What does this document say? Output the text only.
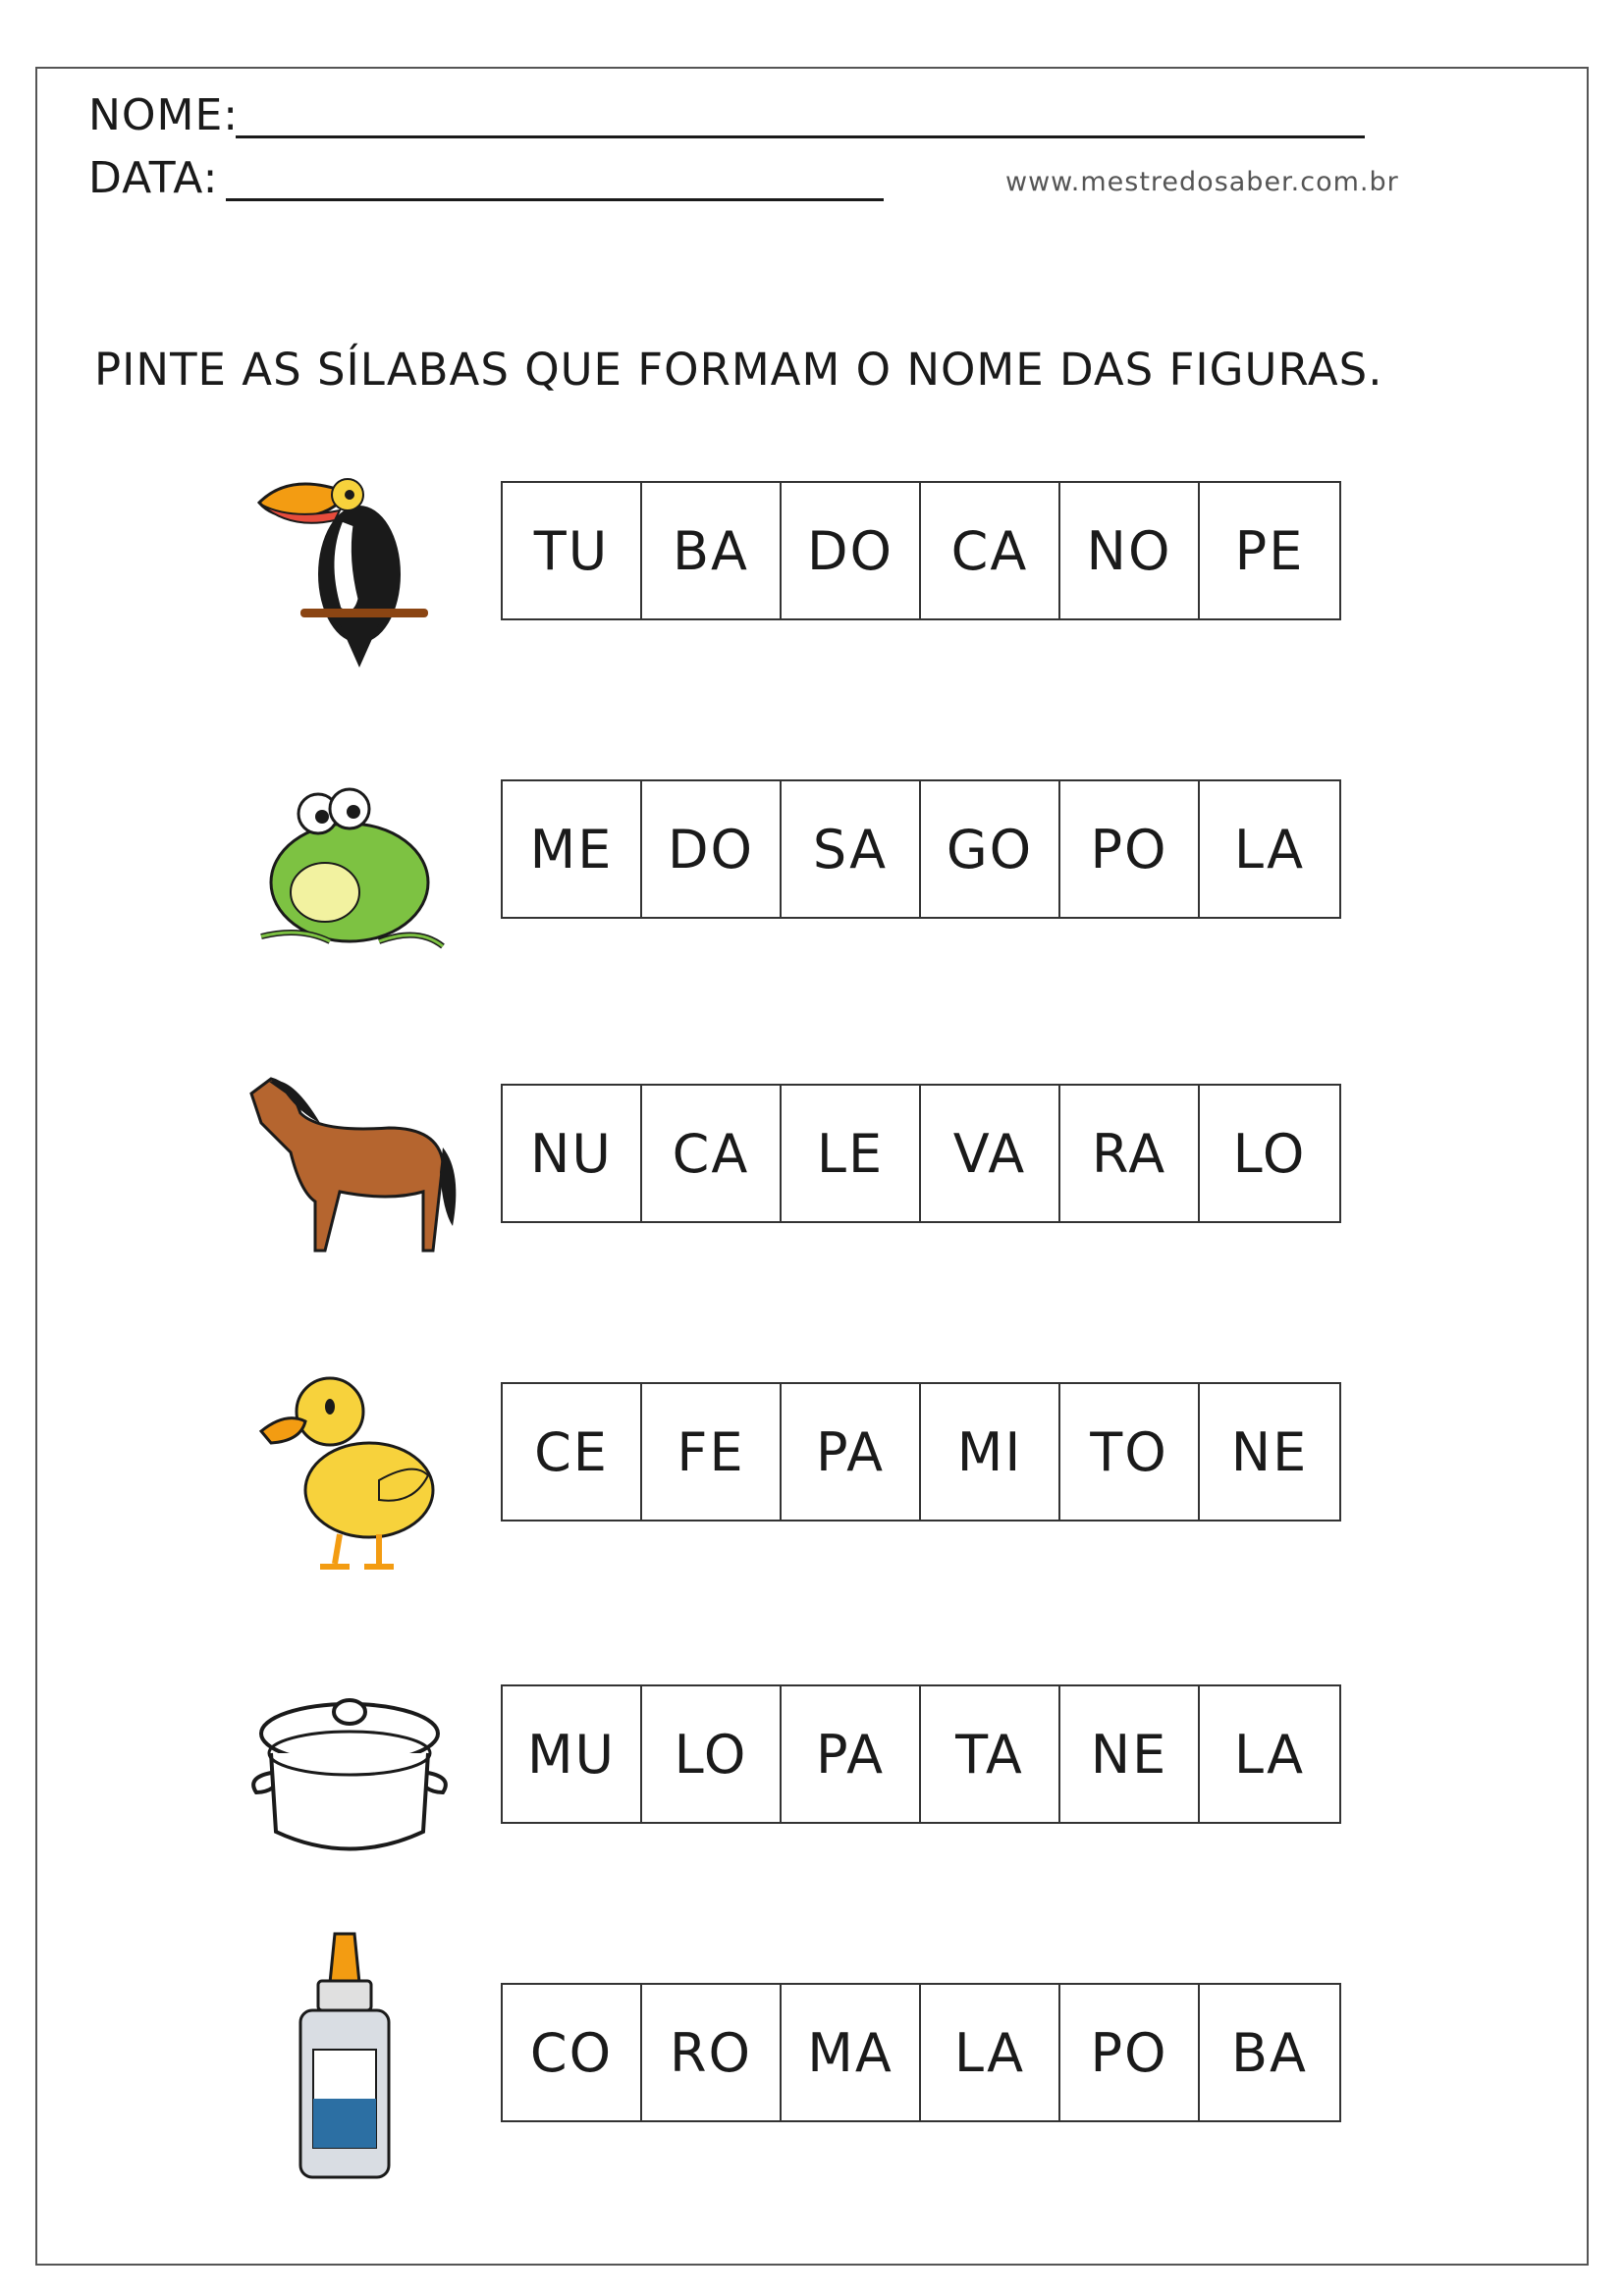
NOME:
DATA:	www.mestredosaber.com.br
PINTE AS SÍLABAS QUE FORMAM O NOME DAS FIGURAS.
TU	BA	DO	CA	NO	PE
ME	DO	SA	GO	PO	LA
NU	CA	LE	VA	RA	LO
CE	FE	PA	MI	TO	NE
MU	LO	PA	TA	NE	LA
CO	RO	MA	LA	PO	BA
